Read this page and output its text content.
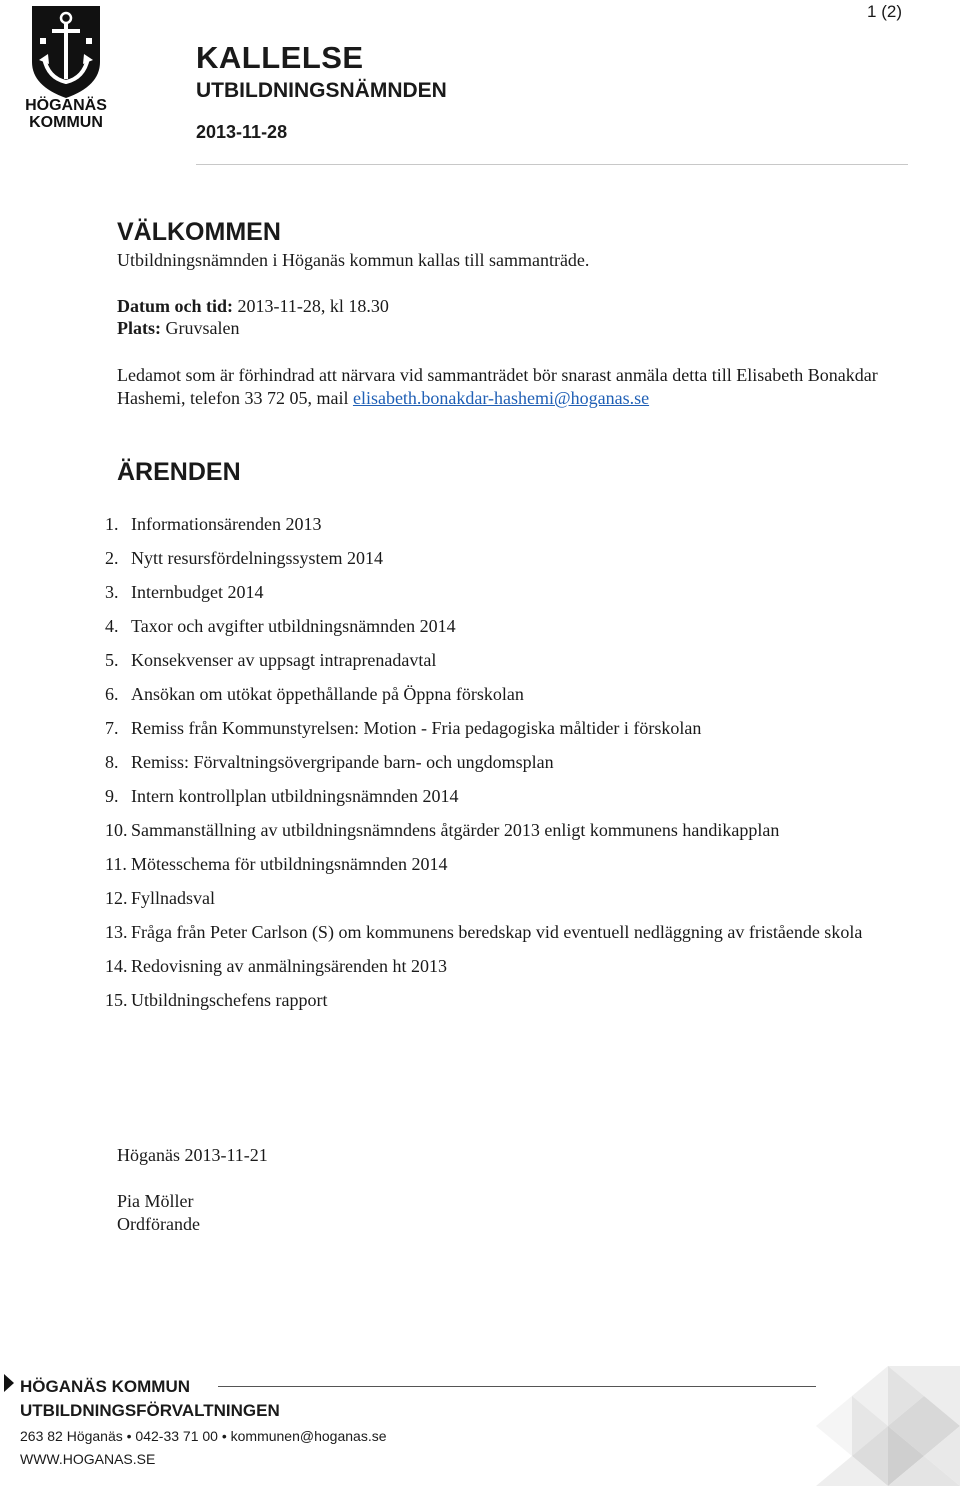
HÖGANÄS
KOMMUN
1 (2)
KALLELSE
UTBILDNINGSNÄMNDEN
2013-11-28
VÄLKOMMEN
Utbildningsnämnden i Höganäs kommun kallas till sammanträde.
Datum och tid: 2013-11-28, kl 18.30
Plats: Gruvsalen
Ledamot som är förhindrad att närvara vid sammanträdet bör snarast anmäla detta till Elisabeth Bonakdar Hashemi, telefon 33 72 05, mail elisabeth.bonakdar-hashemi@hoganas.se
ÄRENDEN
1. Informationsärenden 2013
2. Nytt resursfördelningssystem 2014
3. Internbudget 2014
4. Taxor och avgifter utbildningsnämnden 2014
5. Konsekvenser av uppsagt intraprenadavtal
6. Ansökan om utökat öppethållande på Öppna förskolan
7. Remiss från Kommunstyrelsen: Motion - Fria pedagogiska måltider i förskolan
8. Remiss: Förvaltningsövergripande barn- och ungdomsplan
9. Intern kontrollplan utbildningsnämnden 2014
10. Sammanställning av utbildningsnämndens åtgärder 2013 enligt kommunens handikapplan
11. Mötesschema för utbildningsnämnden 2014
12. Fyllnadsval
13. Fråga från Peter Carlson (S) om kommunens beredskap vid eventuell nedläggning av fristående skola
14. Redovisning av anmälningsärenden ht 2013
15. Utbildningschefens rapport
Höganäs 2013-11-21
Pia Möller
Ordförande
HÖGANÄS KOMMUN
UTBILDNINGSFÖRVALTNINGEN
263 82 Höganäs • 042-33 71 00 • kommunen@hoganas.se
WWW.HOGANAS.SE
